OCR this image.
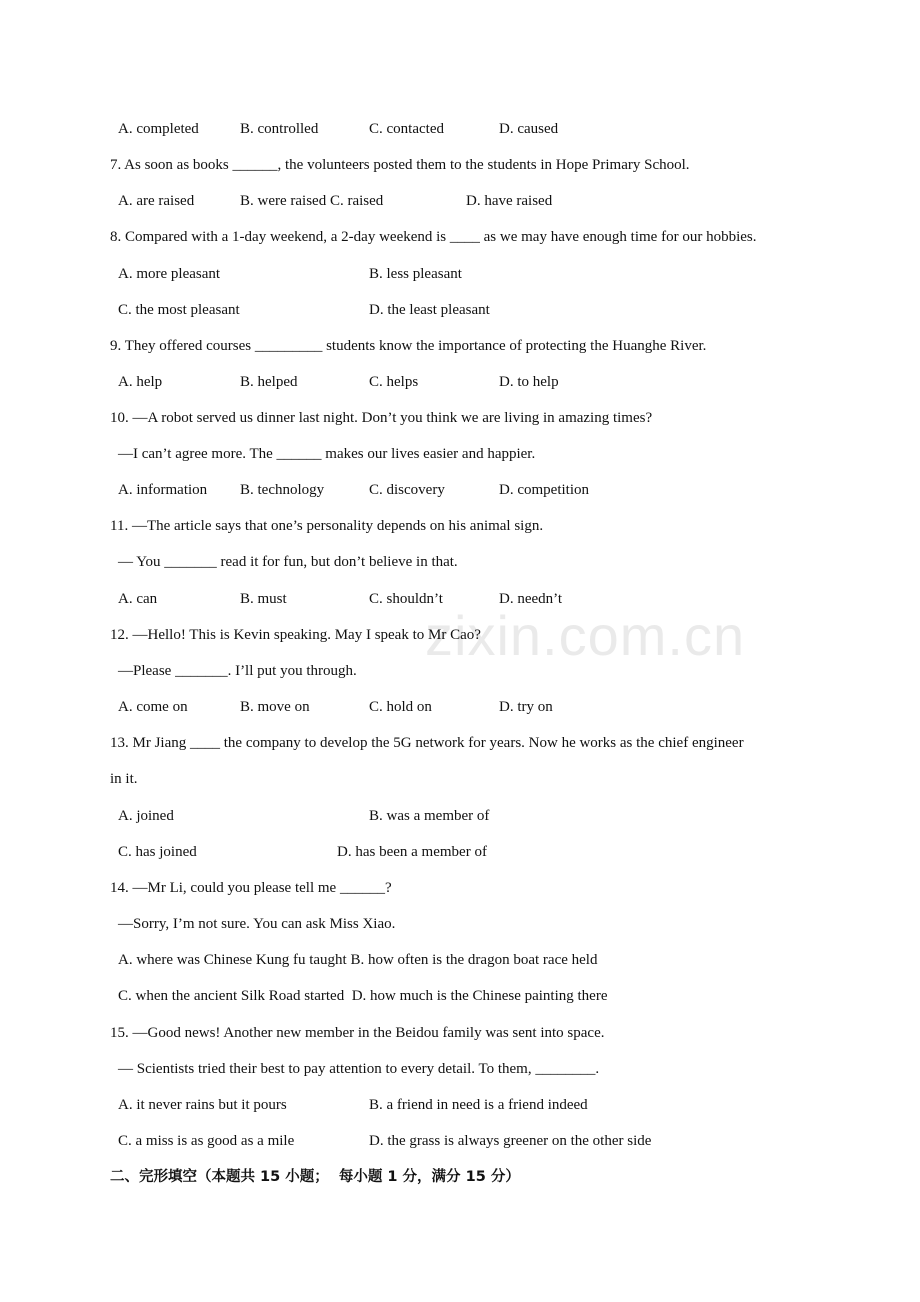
A. completed	B. controlled	C. contacted	D. caused
7. As soon as books ______, the volunteers posted them to the students in Hope Primary School.
A. are raised	B. were raised C. raised	D. have raised
8. Compared with a 1-day weekend, a 2-day weekend is ____ as we may have enough time for our hobbies.
A. more pleasant	B. less pleasant
C. the most pleasant	D. the least pleasant
9. They offered courses _________ students know the importance of protecting the Huanghe River.
A. help	B. helped	C. helps	D. to help
10. —A robot served us dinner last night. Don’t you think we are living in amazing times?
—I can’t agree more. The ______ makes our lives easier and happier.
A. information B. technology	C. discovery	D. competition
11. —The article says that one’s personality depends on his animal sign.
— You _______ read it for fun, but don’t believe in that.
A. can	B. must	C. shouldn’t	D. needn’t
zixin.com.cn
12. —Hello! This is Kevin speaking. May I speak to Mr Cao?
—Please _______. I’ll put you through.
A. come on	B. move on	C. hold on	D. try on
13. Mr Jiang ____ the company to develop the 5G network for years. Now he works as the chief engineer
in it.
A. joined	B. was a member of
C. has joined	D. has been a member of
14. —Mr Li, could you please tell me ______?
—Sorry, I’m not sure. You can ask Miss Xiao.
A. where was Chinese Kung fu taught B. how often is the dragon boat race held
C. when the ancient Silk Road started  D. how much is the Chinese painting there
15. —Good news! Another new member in the Beidou family was sent into space.
— Scientists tried their best to pay attention to every detail. To them, ________.
A. it never rains but it pours	B. a friend in need is a friend indeed
C. a miss is as good as a mile	D. the grass is always greener on the other side
二、完形填空（本题共 15 小题；  每小题 1 分，满分 15 分）
